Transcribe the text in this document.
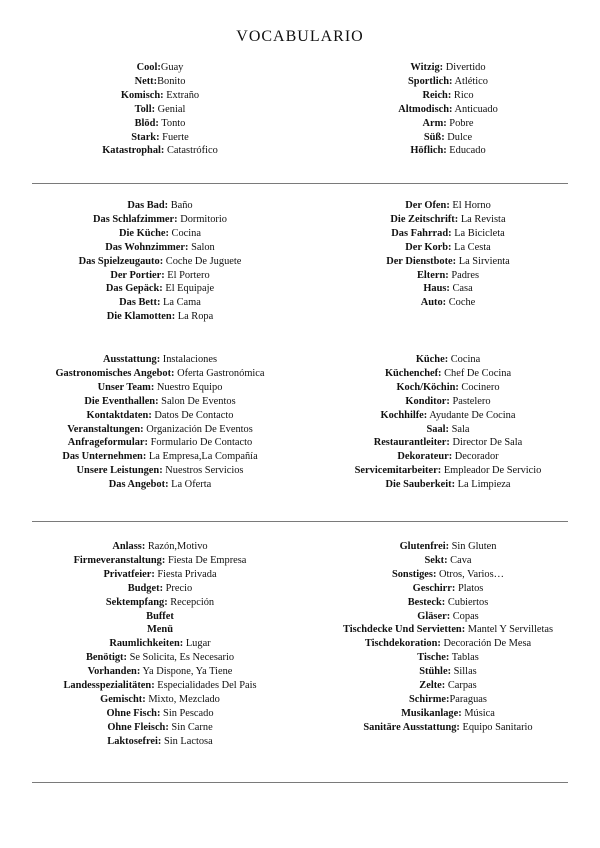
VOCABULARIO
Cool:Guay
Nett:Bonito
Komisch: Extraño
Toll: Genial
Blöd: Tonto
Stark: Fuerte
Katastrophal: Catastrófico
Witzig: Divertido
Sportlich: Atlético
Reich: Rico
Altmodisch: Anticuado
Arm: Pobre
Süß: Dulce
Höflich: Educado
Das Bad: Baño
Das Schlafzimmer: Dormitorio
Die Küche: Cocina
Das Wohnzimmer: Salon
Das Spielzeugauto: Coche De Juguete
Der Portier: El Portero
Das Gepäck: El Equipaje
Das Bett: La Cama
Die Klamotten: La Ropa
Der Ofen: El Horno
Die Zeitschrift: La Revista
Das Fahrrad: La Bicicleta
Der Korb: La Cesta
Der Dienstbote: La Sirvienta
Eltern: Padres
Haus: Casa
Auto: Coche
Ausstattung: Instalaciones
Gastronomisches Angebot: Oferta Gastronómica
Unser Team: Nuestro Equipo
Die Eventhallen: Salon De Eventos
Kontaktdaten: Datos De Contacto
Veranstaltungen: Organización De Eventos
Anfrageformular: Formulario De Contacto
Das Unternehmen: La Empresa,La Compañía
Unsere Leistungen: Nuestros Servicios
Das Angebot: La Oferta
Küche: Cocina
Küchenchef: Chef De Cocina
Koch/Köchin: Cocinero
Konditor: Pastelero
Kochhilfe: Ayudante De Cocina
Saal: Sala
Restaurantleiter: Director De Sala
Dekorateur: Decorador
Servicemitarbeiter: Empleador De Servicio
Die Sauberkeit: La Limpieza
Anlass: Razón,Motivo
Firmeveranstaltung: Fiesta De Empresa
Privatfeier: Fiesta Privada
Budget: Precio
Sektempfang: Recepción
Buffet
Menü
Raumlichkeiten: Lugar
Benötigt: Se Solicita, Es Necesario
Vorhanden: Ya Dispone, Ya Tiene
Landesspezialitäten: Especialidades Del Pais
Gemischt: Mixto, Mezclado
Ohne Fisch: Sin Pescado
Ohne Fleisch: Sin Carne
Laktosefrei: Sin Lactosa
Glutenfrei: Sin Gluten
Sekt: Cava
Sonstiges: Otros, Varios…
Geschirr: Platos
Besteck: Cubiertos
Gläser: Copas
Tischdecke Und Servietten: Mantel Y Servilletas
Tischdekoration: Decoración De Mesa
Tische: Tablas
Stühle: Sillas
Zelte: Carpas
Schirme:Paraguas
Musikanlage: Música
Sanitäre Ausstattung: Equipo Sanitario
